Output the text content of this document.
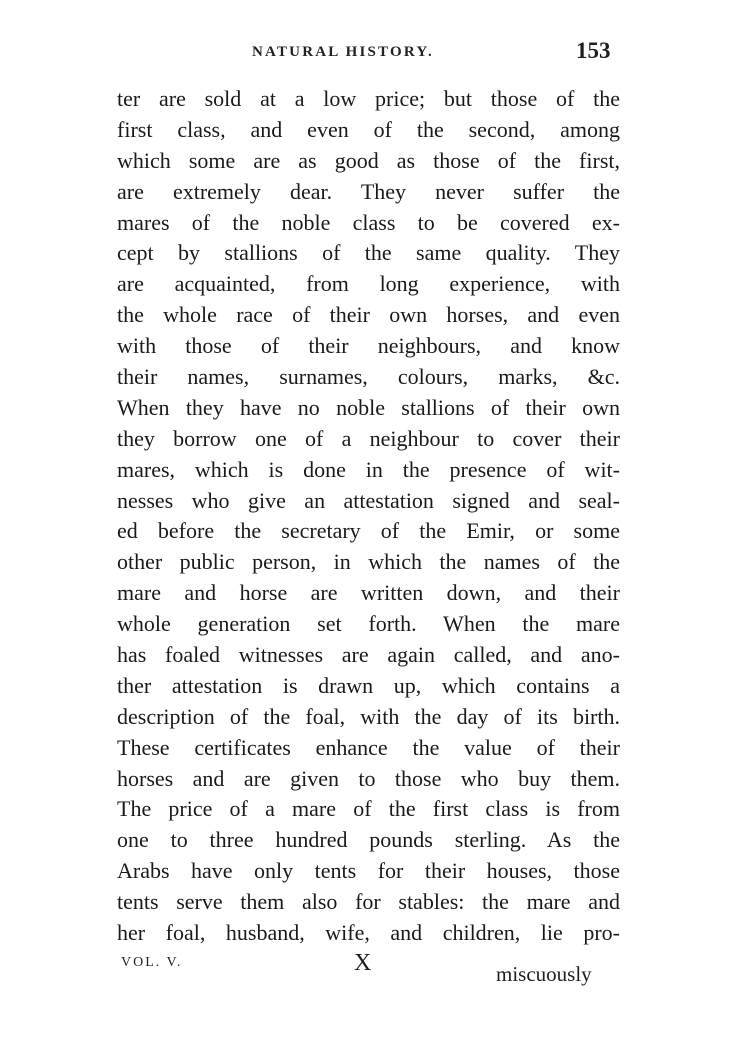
NATURAL HISTORY.	153
ter are sold at a low price; but those of the
first class, and even of the second, among
which some are as good as those of the first,
are extremely dear. They never suffer the
mares of the noble class to be covered ex-
cept by stallions of the same quality. They
are acquainted, from long experience, with
the whole race of their own horses, and even
with those of their neighbours, and know
their names, surnames, colours, marks, &c.
When they have no noble stallions of their own
they borrow one of a neighbour to cover their
mares, which is done in the presence of wit-
nesses who give an attestation signed and seal-
ed before the secretary of the Emir, or some
other public person, in which the names of the
mare and horse are written down, and their
whole generation set forth. When the mare
has foaled witnesses are again called, and ano-
ther attestation is drawn up, which contains a
description of the foal, with the day of its birth.
These certificates enhance the value of their
horses and are given to those who buy them.
The price of a mare of the first class is from
one to three hundred pounds sterling. As the
Arabs have only tents for their houses, those
tents serve them also for stables: the mare and
her foal, husband, wife, and children, lie pro-
VOL. V.	X	miscuously
